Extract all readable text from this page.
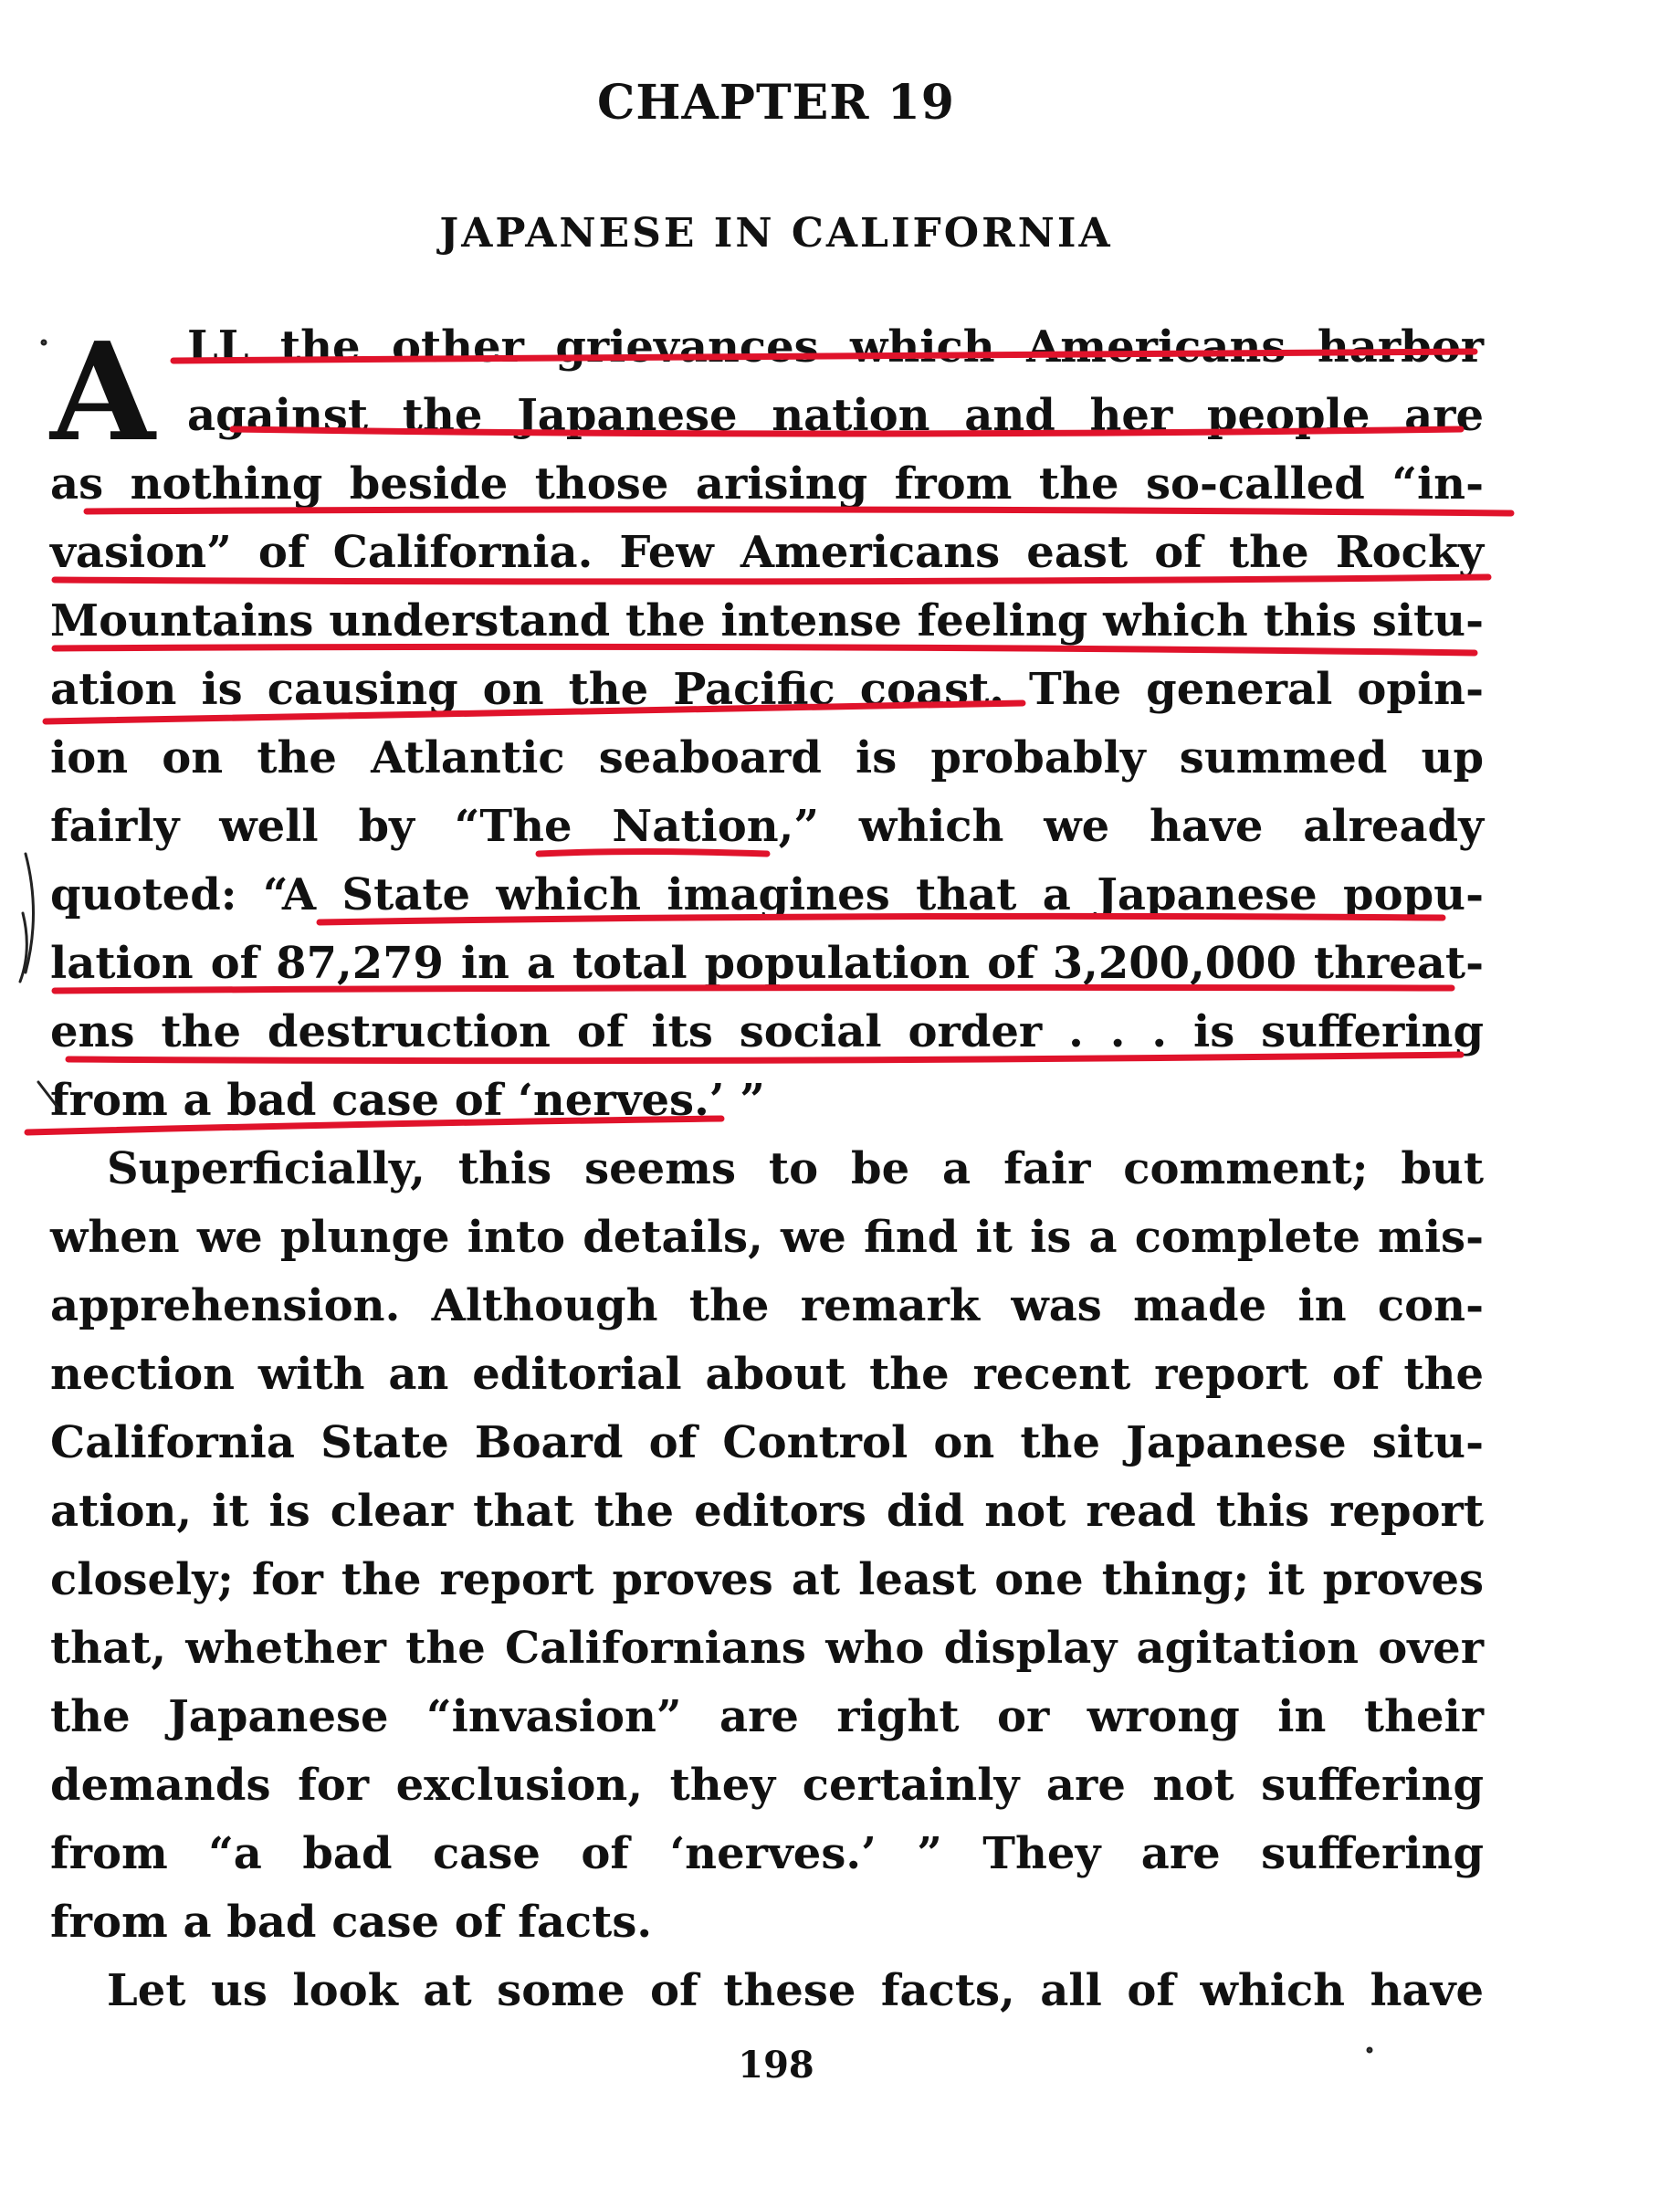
CHAPTER 19
JAPANESE IN CALIFORNIA
A LL the other grievances which Americans harbor
against the Japanese nation and her people are
as nothing beside those arising from the so-called “in-
vasion” of California. Few Americans east of the Rocky
Mountains understand the intense feeling which this situ-
ation is causing on the Pacific coast. The general opin-
ion on the Atlantic seaboard is probably summed up
fairly well by “The Nation,” which we have already
quoted: “A State which imagines that a Japanese popu-
lation of 87,279 in a total population of 3,200,000 threat-
ens the destruction of its social order . . . is suffering
from a bad case of ‘nerves.’ ”
Superficially, this seems to be a fair comment; but
when we plunge into details, we find it is a complete mis-
apprehension. Although the remark was made in con-
nection with an editorial about the recent report of the
California State Board of Control on the Japanese situ-
ation, it is clear that the editors did not read this report
closely; for the report proves at least one thing; it proves
that, whether the Californians who display agitation over
the Japanese “invasion” are right or wrong in their
demands for exclusion, they certainly are not suffering
from “a bad case of ‘nerves.’ ” They are suffering
from a bad case of facts.
Let us look at some of these facts, all of which have
198
